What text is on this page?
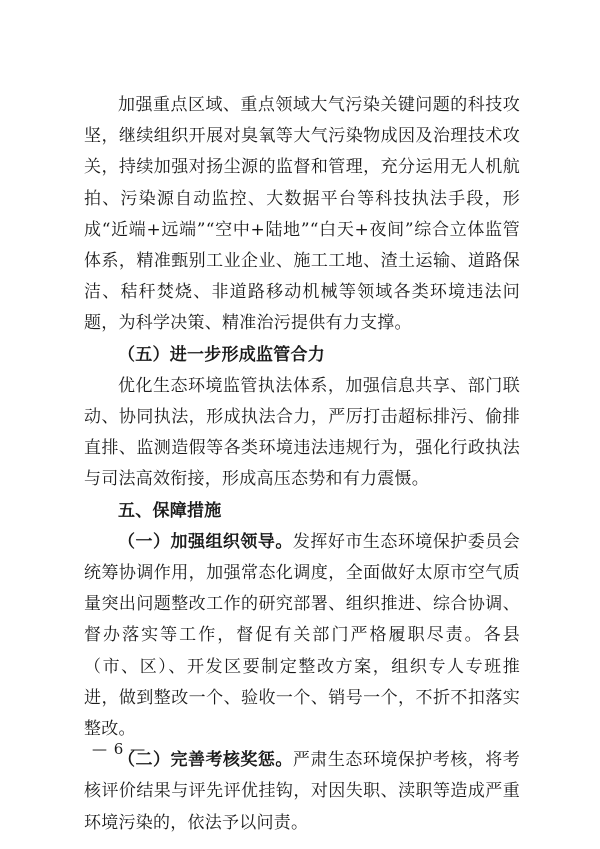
加强重点区域、重点领域大气污染关键问题的科技攻坚，继续组织开展对臭氧等大气污染物成因及治理技术攻关，持续加强对扬尘源的监督和管理，充分运用无人机航拍、污染源自动监控、大数据平台等科技执法手段，形成“近端+远端”“空中+陆地”“白天+夜间”综合立体监管体系，精准甄别工业企业、施工工地、渣土运输、道路保洁、秸秆焚烧、非道路移动机械等领域各类环境违法问题，为科学决策、精准治污提供有力支撑。

（五）进一步形成监管合力

优化生态环境监管执法体系，加强信息共享、部门联动、协同执法，形成执法合力，严厉打击超标排污、偷排直排、监测造假等各类环境违法违规行为，强化行政执法与司法高效衔接，形成高压态势和有力震慑。

五、保障措施

（一）加强组织领导。发挥好市生态环境保护委员会统筹协调作用，加强常态化调度，全面做好太原市空气质量突出问题整改工作的研究部署、组织推进、综合协调、督办落实等工作，督促有关部门严格履职尽责。各县（市、区）、开发区要制定整改方案，组织专人专班推进，做到整改一个、验收一个、销号一个，不折不扣落实整改。

（二）完善考核奖惩。严肃生态环境保护考核，将考核评价结果与评先评优挂钩，对因失职、渎职等造成严重环境污染的，依法予以问责。

— 6 —
